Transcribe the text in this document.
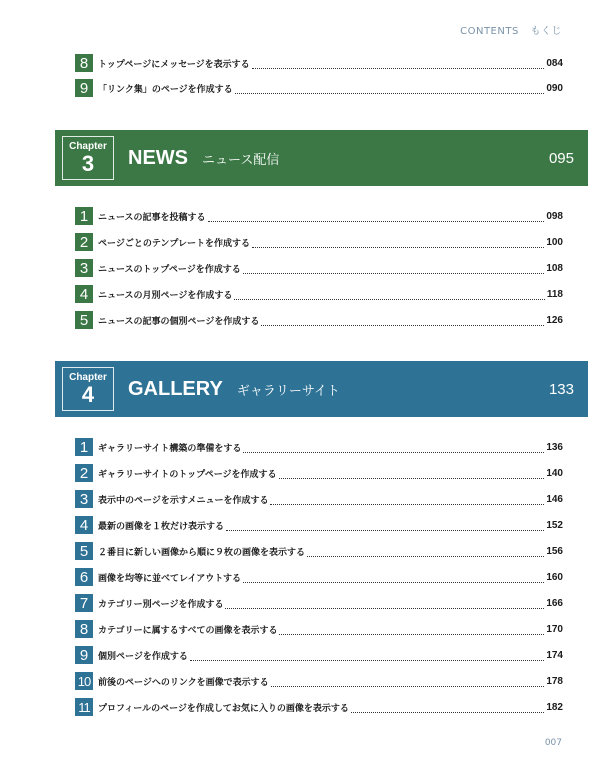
CONTENTS もくじ
8	トップページにメッセージを表示する	084
9	「リンク集」のページを作成する	090
Chapter
3 NEWS ニュース配信	095
1	ニュースの記事を投稿する	098
2	ページごとのテンプレートを作成する	100
3	ニュースのトップページを作成する	108
4	ニュースの月別ページを作成する	118
5	ニュースの記事の個別ページを作成する	126
Chapter
4 GALLERY ギャラリーサイト	133
1	ギャラリーサイト構築の準備をする	136
2	ギャラリーサイトのトップページを作成する	140
3	表示中のページを示すメニューを作成する	146
4	最新の画像を１枚だけ表示する	152
5	２番目に新しい画像から順に９枚の画像を表示する	156
6	画像を均等に並べてレイアウトする	160
7	カテゴリー別ページを作成する	166
8	カテゴリーに属するすべての画像を表示する	170
9	個別ページを作成する	174
10 前後のページへのリンクを画像で表示する	178
11 プロフィールのページを作成してお気に入りの画像を表示する	182
007
